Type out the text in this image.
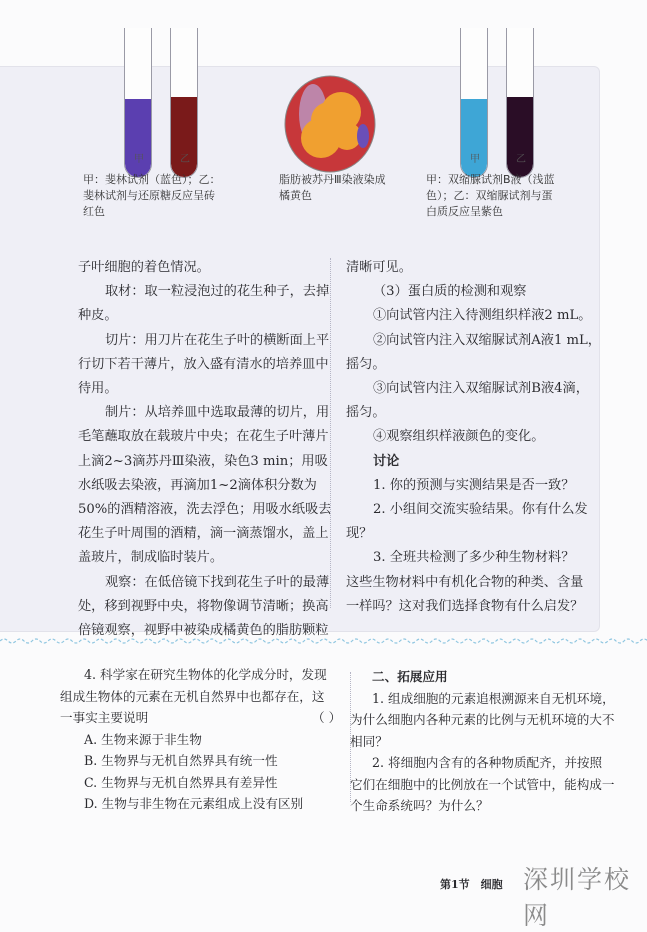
甲	乙
甲：斐林试剂（蓝色）；乙：
斐林试剂与还原糖反应呈砖
红色
脂肪被苏丹Ⅲ染液染成
橘黄色
甲	乙
甲：双缩脲试剂B液（浅蓝
色）；乙：双缩脲试剂与蛋
白质反应呈紫色
子叶细胞的着色情况。
取材：取一粒浸泡过的花生种子，去掉
种皮。
切片：用刀片在花生子叶的横断面上平
行切下若干薄片，放入盛有清水的培养皿中
待用。
制片：从培养皿中选取最薄的切片，用
毛笔蘸取放在载玻片中央；在花生子叶薄片
上滴2~3滴苏丹Ⅲ染液，染色3 min；用吸
水纸吸去染液，再滴加1~2滴体积分数为
50%的酒精溶液，洗去浮色；用吸水纸吸去
花生子叶周围的酒精，滴一滴蒸馏水，盖上
盖玻片，制成临时装片。
观察：在低倍镜下找到花生子叶的最薄
处，移到视野中央，将物像调节清晰；换高
倍镜观察，视野中被染成橘黄色的脂肪颗粒
清晰可见。
（3）蛋白质的检测和观察
①向试管内注入待测组织样液2 mL。
②向试管内注入双缩脲试剂A液1 mL，
摇匀。
③向试管内注入双缩脲试剂B液4滴，
摇匀。
④观察组织样液颜色的变化。
讨论
1. 你的预测与实测结果是否一致？
2. 小组间交流实验结果。你有什么发
现？
3. 全班共检测了多少种生物材料？
这些生物材料中有机化合物的种类、含量
一样吗？这对我们选择食物有什么启发？
4. 科学家在研究生物体的化学成分时，发现
组成生物体的元素在无机自然界中也都存在，这
一事实主要说明	（ ）
A. 生物来源于非生物
B. 生物界与无机自然界具有统一性
C. 生物界与无机自然界具有差异性
D. 生物与非生物在元素组成上没有区别
二、拓展应用
1. 组成细胞的元素追根溯源来自无机环境，
为什么细胞内各种元素的比例与无机环境的大不
相同？
2. 将细胞内含有的各种物质配齐，并按照
它们在细胞中的比例放在一个试管中，能构成一
个生命系统吗？为什么？
深圳学校网
第1节　细胞
